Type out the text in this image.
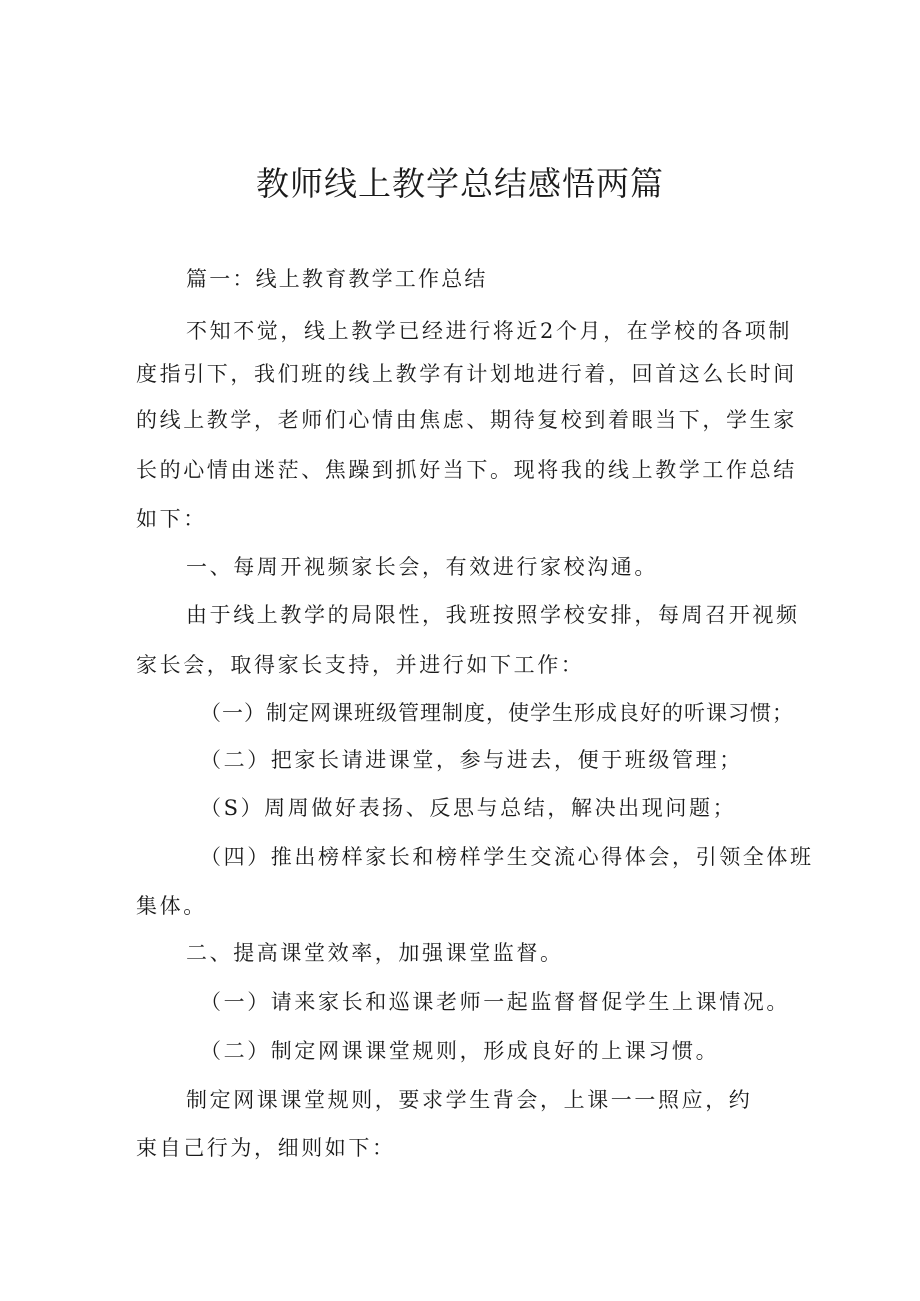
教师线上教学总结感悟两篇
篇一：线上教育教学工作总结
不知不觉，线上教学已经进行将近2个月，在学校的各项制
度指引下，我们班的线上教学有计划地进行着，回首这么长时间
的线上教学，老师们心情由焦虑、期待复校到着眼当下，学生家
长的心情由迷茫、焦躁到抓好当下。现将我的线上教学工作总结
如下：
一、每周开视频家长会，有效进行家校沟通。
由于线上教学的局限性，我班按照学校安排，每周召开视频
家长会，取得家长支持，并进行如下工作：
（一）制定网课班级管理制度，使学生形成良好的听课习惯；
（二）把家长请进课堂，参与进去，便于班级管理；
（S）周周做好表扬、反思与总结，解决出现问题；
（四）推出榜样家长和榜样学生交流心得体会，引领全体班
集体。
二、提高课堂效率，加强课堂监督。
（一）请来家长和巡课老师一起监督督促学生上课情况。
（二）制定网课课堂规则，形成良好的上课习惯。
制定网课课堂规则，要求学生背会，上课一一照应，约
束自己行为，细则如下：
